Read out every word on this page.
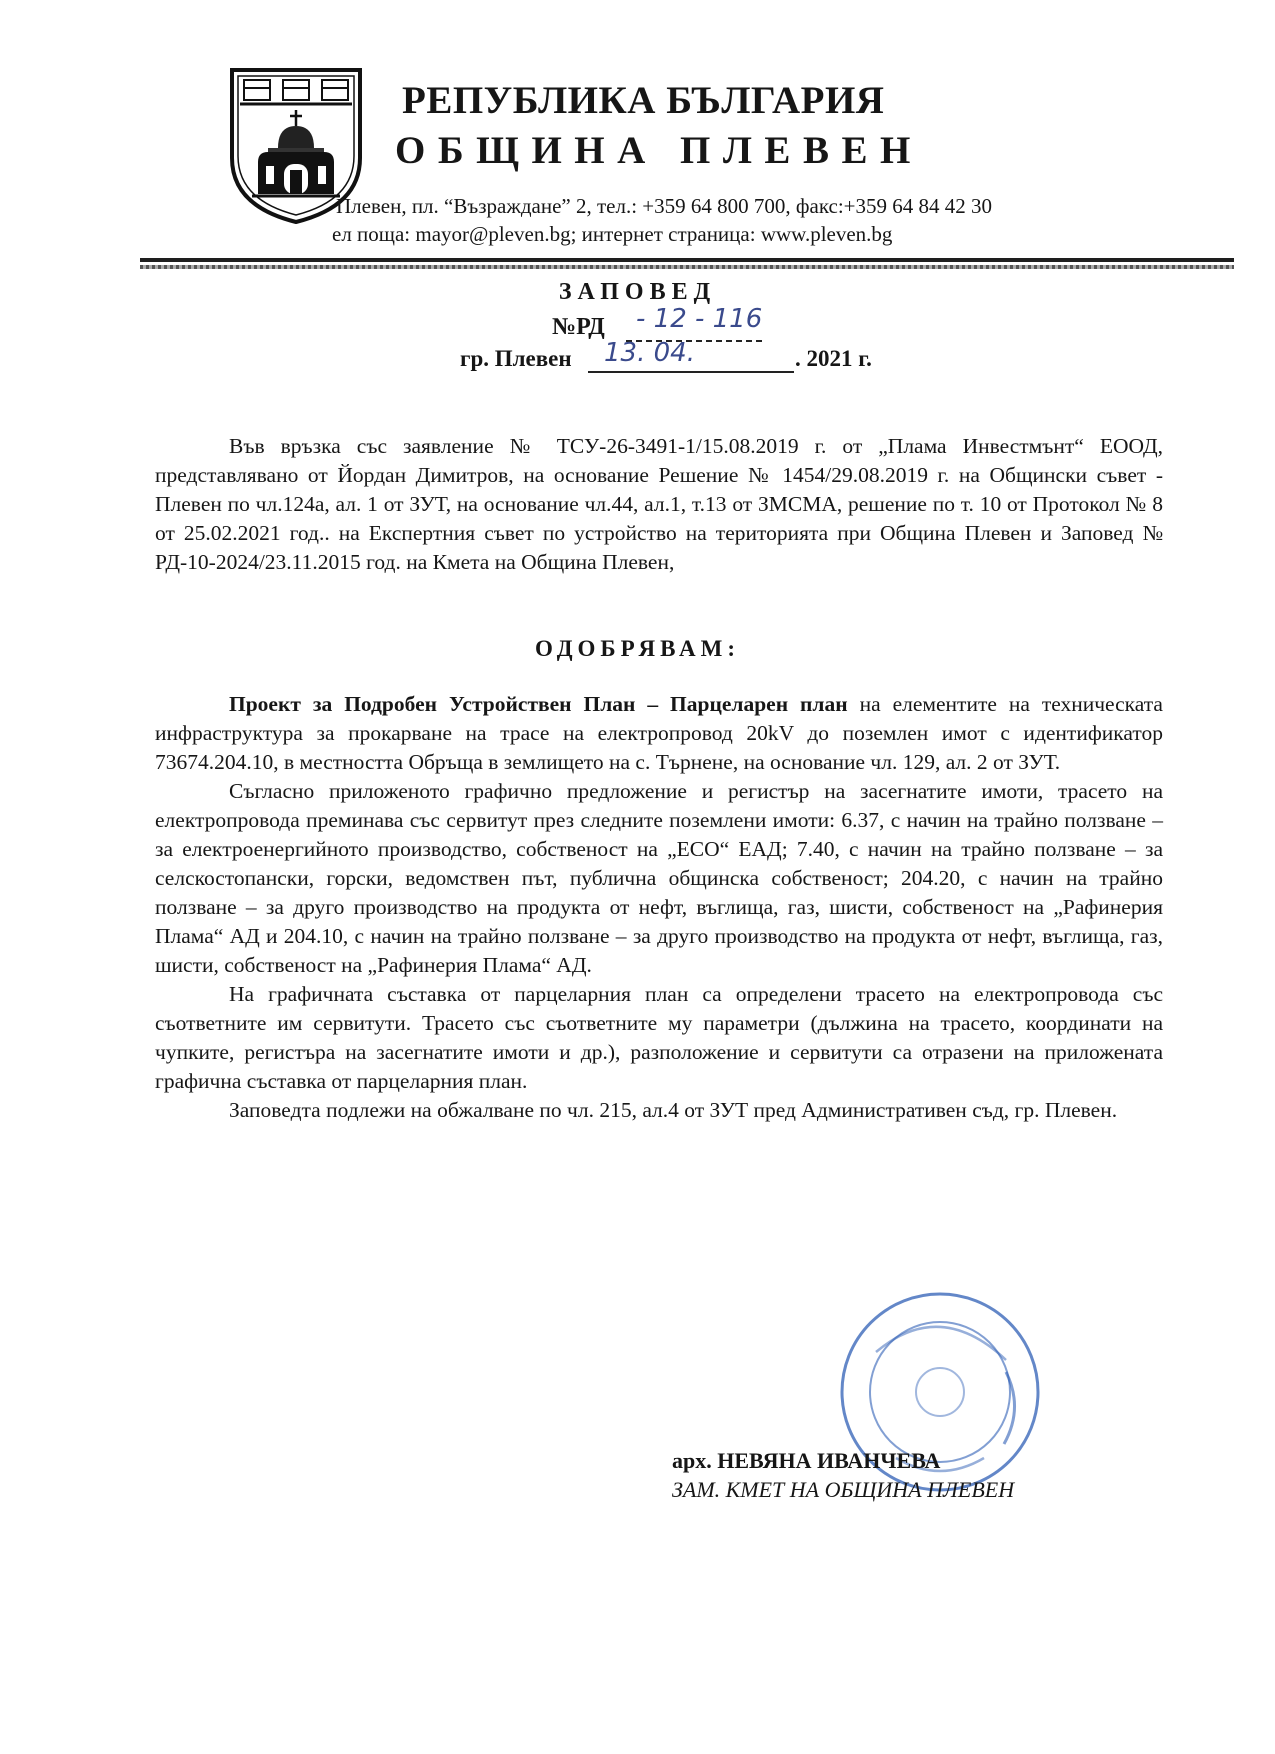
РЕПУБЛИКА БЪЛГАРИЯ
ОБЩИНА ПЛЕВЕН
Плевен, пл. “Възраждане” 2, тел.: +359 64 800 700, факс:+359 64 84 42 30
ел поща: mayor@pleven.bg; интернет страница: www.pleven.bg
ЗАПОВЕД
№РД - 12 - 116
гр. Плевен 13. 04.	. 2021 г.
Във връзка със заявление № ТСУ-26-3491-1/15.08.2019 г. от „Плама Инвестмънт“ ЕООД, представлявано от Йордан Димитров, на основание Решение № 1454/29.08.2019 г. на Общински съвет - Плевен по чл.124а, ал. 1 от ЗУТ, на основание чл.44, ал.1, т.13 от ЗМСМА, решение по т. 10 от Протокол № 8 от 25.02.2021 год.. на Експертния съвет по устройство на територията при Община Плевен и Заповед № РД-10-2024/23.11.2015 год. на Кмета на Община Плевен,
ОДОБРЯВАМ:

Проект за Подробен Устройствен План – Парцеларен план на елементите на техническата инфраструктура за прокарване на трасе на електропровод 20kV до поземлен имот с идентификатор 73674.204.10, в местността Обръща в землището на с. Търнене, на основание чл. 129, ал. 2 от ЗУТ.

Съгласно приложеното графично предложение и регистър на засегнатите имоти, трасето на електропровода преминава със сервитут през следните поземлени имоти: 6.37, с начин на трайно ползване – за електроенергийното производство, собственост на „ЕСО“ ЕАД; 7.40, с начин на трайно ползване – за селскостопански, горски, ведомствен път, публична общинска собственост; 204.20, с начин на трайно ползване – за друго производство на продукта от нефт, въглища, газ, шисти, собственост на „Рафинерия Плама“ АД и 204.10, с начин на трайно ползване – за друго производство на продукта от нефт, въглища, газ, шисти, собственост на „Рафинерия Плама“ АД.

На графичната съставка от парцеларния план са определени трасето на електропровода със съответните им сервитути. Трасето със съответните му параметри (дължина на трасето, координати на чупките, регистъра на засегнатите имоти и др.), разположение и сервитути са отразени на приложената графична съставка от парцеларния план.

Заповедта подлежи на обжалване по чл. 215, ал.4 от ЗУТ пред Административен съд, гр. Плевен.

арх. НЕВЯНА ИВАНЧЕВА
ЗАМ. КМЕТ НА ОБЩИНА ПЛЕВЕН
